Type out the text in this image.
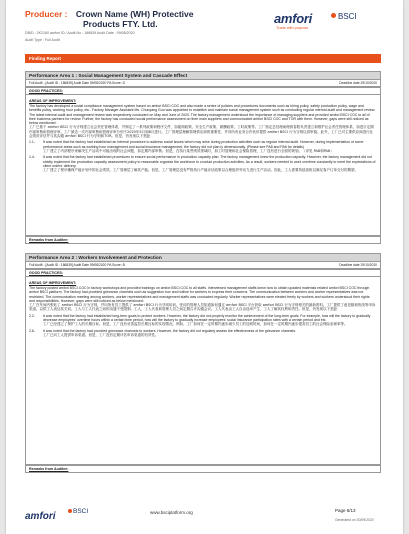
Producer : Crown Name (WH) Protective
Products FTY. Ltd.
DBID : 2K2160 amfori ID / Audit No : 186839 Audit Date : 09/08/2020
Audit Type : Full Audit
amfori	BSCI
Trade with purpose
Finding Report
Performance Area 1 : Social Management System and Cascade Effect
Full Audit - [Audit ID : 186839] Audit Date 09/08/2020 PA Score: D	Deadline date 29/10/2020
GOOD PRACTICES:
AREAS OF IMPROVEMENT:
The factory has developed a social compliance management system based on amfori BSCI COC and also made a series of policies and procedures documents such as hiring policy, safety production policy, wage and benefits policy, working hour policy, etc.. Factory Manager Assistant Ms. Chunyang Guo was appointed to establish and maintain social management system such as conducting regular internal audit and management review. The latest internal audit and management review was respectively conducted on May and June of 2020. The factory management understood the importance of managing suppliers and provided amfori BSCI COC to all of their business partners for review. Further, the factory has conducted social performance assessment on their main suppliers and communicated amfori BSCI COC and TOR with them. However, gaps were still noticed as below mentioned:
工厂已基于 amfori BSCI 行为守则建立社会责任管理体系，并制定了一系列政策和程序文件，如雇佣政策、安全生产政策、薪酬政策、工时政策等。工厂指定总经理助理郭春阳负责建立和维护社会责任管理体系，如进行定期内部审核和管理评审。工厂最近一次内部审核和管理评审分别于2020年5月和6月进行。工厂管理层理解管理供应商的重要性，并向所有业务合作伙伴提供 amfori BSCI 行为守则以供审阅。此外，工厂已对主要供应商进行社会绩效评估并与其沟通 amfori BSCI 行为守则和TOR。但是，仍发现以下差距：
1.1- It was noted that the factory had established an internal procedure to address social issues which may arise during production activities such as regular internal audit. However, during implementation of some performance areas such as working hour management and social insurance management, the factory did not plan ly dimensionally. (Please see PA8 and PA6 for details)
工厂建立了内部程序来解决生产活动中可能出现的社会问题，如定期内部审核。但是，在执行某些绩效领域时，如工时管理和社会保险管理，工厂没有进行全面的规划。（详见 PA8和PA6）
1.4- It was noted that the factory had established procedures to ensure social performance in production capacity plan. The factory management knew the production capacity. However, the factory management did not strictly implement the production capacity assessment policy to reasonable organize the workforce to conduct production activities. As a result, workers needed to work overtime constantly to meet the expectations of client orders' delivery.
工厂建立了程序确保产能计划中的社会绩效。工厂管理层了解其产能。但是，工厂管理层没有严格执行产能评估政策以合理组织劳动力进行生产活动。因此，工人需要持续加班以满足客户订单交付的期望。
Remarks from Auditee:
Performance Area 2 : Workers Involvement and Protection
Full Audit - [Audit ID : 186839] Audit Date 09/08/2020 PA Score: B	Deadline date 29/10/2020
GOOD PRACTICES:
AREAS OF IMPROVEMENT:
The factory posted amfori BSCI COC in factory workshops and provided trainings on amfori BSCI COC to all staffs. Interviewed management staffs knew how to obtain updated materials related amfori BSCI COC through amfori BSCI platform. The factory had provided grievance channels such as suggestion box and hotline for workers to express their concerns. The communication between workers and worker representatives was not restricted. The communication meeting among workers, worker representatives and management staffs was conducted regularly. Worker representatives were elected freely by workers and workers understood their rights and responsibilities. However, gaps were still noticed as below mentioned:
工厂在车间内张贴了 amfori BSCI 行为守则，并向所有员工提供了 amfori BSCI 行为守则培训。受访的管理人员知道如何通过 amfori BSCI 平台获取 amfori BSCI 行为守则相关的最新资料。工厂提供了意见箱和热线等申诉渠道，以供工人表达其关切。工人与工人代表之间的沟通不受限制。工人、工人代表和管理人员之间定期召开沟通会议。工人代表由工人自由选举产生，工人了解其权利和责任。但是，仍发现以下差距：
2.2- It was noted that the factory had established long-term goals to protect workers. However, the factory did not properly monitor the achievement of the long-term goals. For example, how will the factory to gradually decrease employees' overtime hours within a certain time period, how will the factory to gradually increase employees' social insurance participation rates with a certain period and etc.
工厂已经建立了保护工人的长期目标。但是，工厂没有妥善监控长期目标的实现情况。例如，工厂如何在一定时期内逐步减少员工的加班时间，如何在一定时期内逐步提高员工的社会保险参保率等。
2.6- It was noted that the factory had provided grievance channels to workers. However, the factory did not regularly assess the effectiveness of the grievance channels.
工厂已向工人提供申诉渠道。但是，工厂没有定期评估申诉渠道的有效性。
Remarks from Auditee:
amfori	BSCI	www.bsciplatform.org	Page 6/13
Generated on 30/09/2020
